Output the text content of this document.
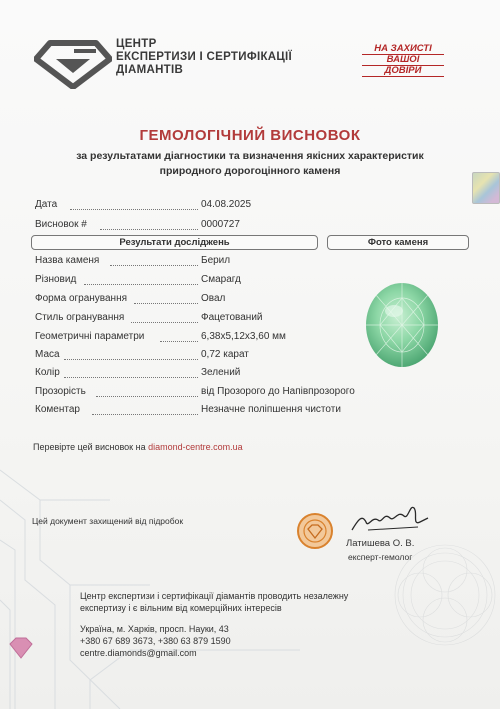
ЦЕНТР
ЕКСПЕРТИЗИ І СЕРТИФІКАЦІЇ
ДІАМАНТІВ
НА ЗАХИСТІ
ВАШОЇ
ДОВІРИ
ГЕМОЛОГІЧНИЙ ВИСНОВОК
за результатами діагностики та визначення якісних характеристик
природного дорогоцінного каменя
Дата	04.08.2025
Висновок #	0000727
Результати досліджень	Фото каменя
Назва каменя	Берил
Різновид	Смарагд
Форма огранування	Овал
Стиль огранування	Фацетований
Геометричні параметри	6,38х5,12х3,60 мм
Маса	0,72 карат
Колір	Зелений
Прозорість	від Прозорого до Напівпрозорого
Коментар	Незначне поліпшення чистоти
Перевірте цей висновок на diamond-centre.com.ua
Цей документ захищений від підробок
Латишева О. В.
експерт-гемолог
Центр експертизи і сертифікації діамантів проводить незалежну
експертизу і є вільним від комерційних інтересів
Україна, м. Харків, просп. Науки, 43
+380 67 689 3673, +380 63 879 1590
centre.diamonds@gmail.com
